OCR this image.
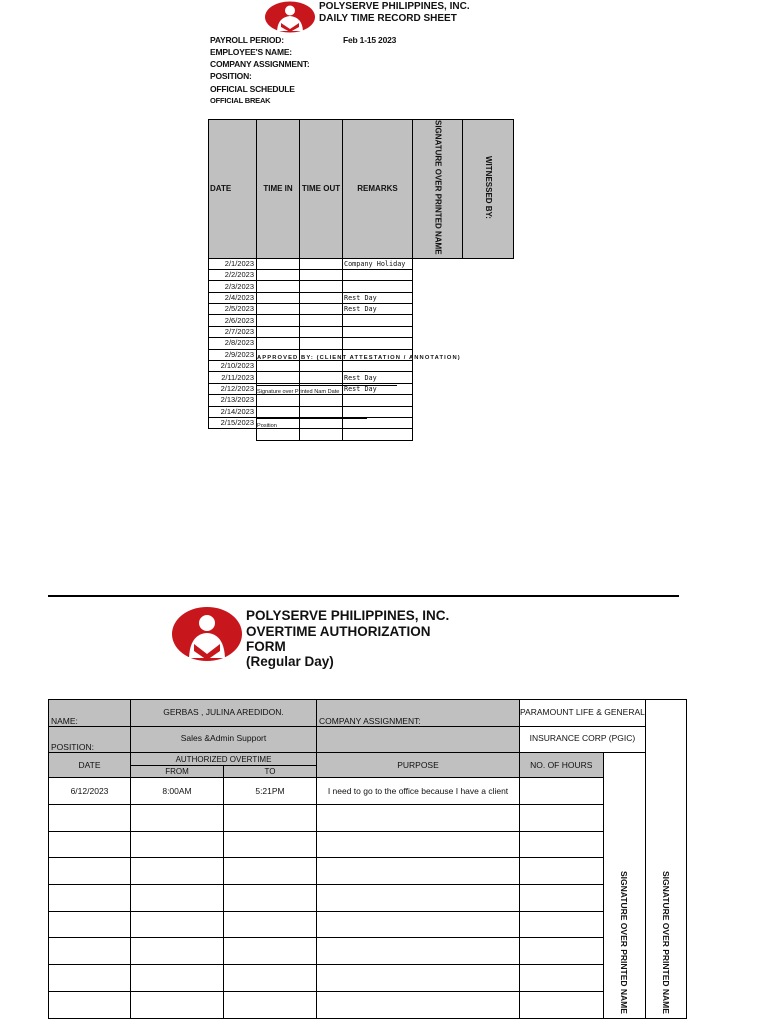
POLYSERVE PHILIPPINES, INC.
DAILY TIME RECORD SHEET
PAYROLL PERIOD:	Feb 1-15 2023
EMPLOYEE'S NAME:
COMPANY ASSIGNMENT:
POSITION:
OFFICIAL SCHEDULE
OFFICIAL BREAK
DATE	TIME IN	TIME OUT	REMARKS	SIGNATURE OVER PRINTED NAME	WITNESSED BY:
2/1/2023			Company Holiday		
2/2/2023					
2/3/2023					
2/4/2023			Rest Day		
2/5/2023			Rest Day		
2/6/2023					
2/7/2023					
2/8/2023					
2/9/2023					
2/10/2023					
2/11/2023			Rest Day		
2/12/2023			Rest Day		
2/13/2023					
2/14/2023					
2/15/2023					

APPROVED BY: (CLIENT ATTESTATION / ANNOTATION)
Signature over Printed Nam Date
Position
POLYSERVE PHILIPPINES, INC.
OVERTIME AUTHORIZATION
FORM
(Regular Day)
NAME:	GERBAS , JULINA AREDIDON.		COMPANY ASSIGNMENT:	PARAMOUNT LIFE & GENERAL		SIGNATURE OVER PRINTED NAME
POSITION:	Sales &Admin Support			INSURANCE CORP (PGIC)		
DATE	AUTHORIZED OVERTIME		PURPOSE	NO. OF HOURS	SIGNATURE OVER PRINTED NAME	
	FROM	TO				
6/12/2023	8:00AM	5:21PM	I need to go to the office because I have a client			
